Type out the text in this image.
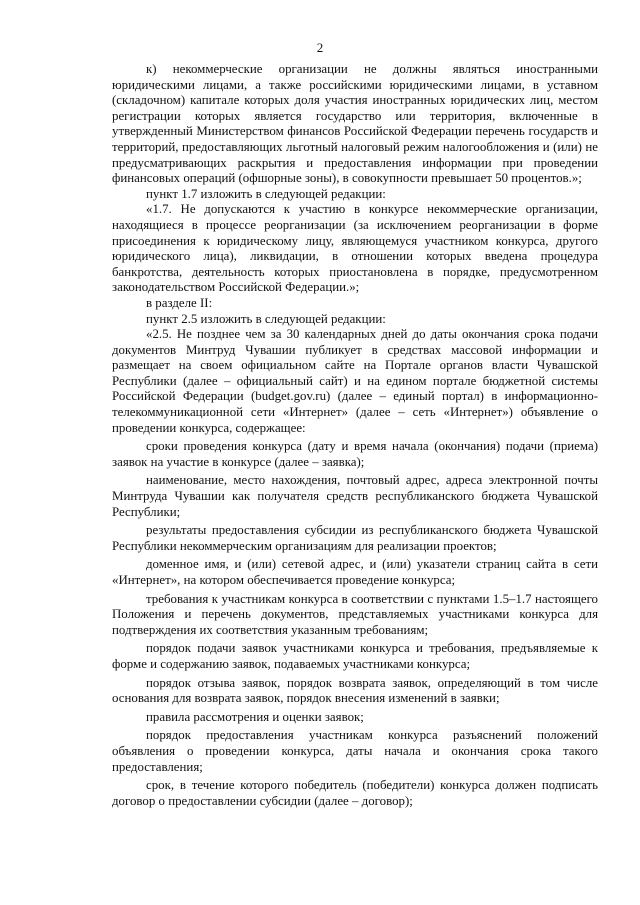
2

к) некоммерческие организации не должны являться иностранными юридическими лицами, а также российскими юридическими лицами, в уставном (складочном) капитале которых доля участия иностранных юридических лиц, местом регистрации которых является государство или территория, включенные в утвержденный Министерством финансов Российской Федерации перечень государств и территорий, предоставляющих льготный налоговый режим налогообложения и (или) не предусматривающих раскрытия и предоставления информации при проведении финансовых операций (офшорные зоны), в совокупности превышает 50 процентов.»;

пункт 1.7 изложить в следующей редакции:

«1.7. Не допускаются к участию в конкурсе некоммерческие организации, находящиеся в процессе реорганизации (за исключением реорганизации в форме присоединения к юридическому лицу, являющемуся участником конкурса, другого юридического лица), ликвидации, в отношении которых введена процедура банкротства, деятельность которых приостановлена в порядке, предусмотренном законодательством Российской Федерации.»;

в разделе II:

пункт 2.5 изложить в следующей редакции:

«2.5. Не позднее чем за 30 календарных дней до даты окончания срока подачи документов Минтруд Чувашии публикует в средствах массовой информации и размещает на своем официальном сайте на Портале органов власти Чувашской Республики (далее – официальный сайт) и на едином портале бюджетной системы Российской Федерации (budget.gov.ru) (далее – единый портал) в информационно-телекоммуникационной сети «Интернет» (далее – сеть «Интернет») объявление о проведении конкурса, содержащее:

сроки проведения конкурса (дату и время начала (окончания) подачи (приема) заявок на участие в конкурсе (далее – заявка);

наименование, место нахождения, почтовый адрес, адреса электронной почты Минтруда Чувашии как получателя средств республиканского бюджета Чувашской Республики;

результаты предоставления субсидии из республиканского бюджета Чувашской Республики некоммерческим организациям для реализации проектов;

доменное имя, и (или) сетевой адрес, и (или) указатели страниц сайта в сети «Интернет», на котором обеспечивается проведение конкурса;

требования к участникам конкурса в соответствии с пунктами 1.5–1.7 настоящего Положения и перечень документов, представляемых участниками конкурса для подтверждения их соответствия указанным требованиям;

порядок подачи заявок участниками конкурса и требования, предъявляемые к форме и содержанию заявок, подаваемых участниками конкурса;

порядок отзыва заявок, порядок возврата заявок, определяющий в том числе основания для возврата заявок, порядок внесения изменений в заявки;

правила рассмотрения и оценки заявок;

порядок предоставления участникам конкурса разъяснений положений объявления о проведении конкурса, даты начала и окончания срока такого предоставления;

срок, в течение которого победитель (победители) конкурса должен подписать договор о предоставлении субсидии (далее – договор);
